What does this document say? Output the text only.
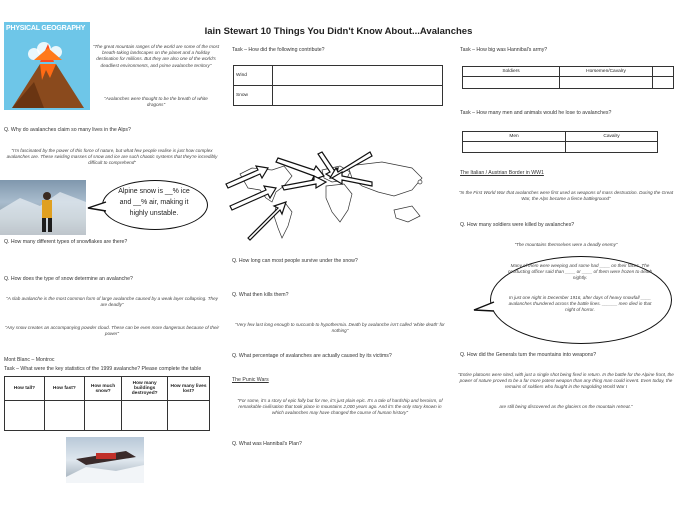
Iain Stewart 10 Things You Didn't Know About...Avalanches
PHYSICAL GEOGRAPHY
"The great mountain ranges of the world are some of the most breath-taking landscapes on the planet and a holiday destination for millions. But they are also one of the world's deadliest environments, and prime avalanche territory"
"Avalanches were thought to be the breath of white dragons"
Q. Why do avalanches claim so many lives in the Alps?
"I'm fascinated by the power of this force of nature, but what few people realise is just how complex avalanches are. These swirling masses of snow and ice are such chaotic systems that they're incredibly difficult to comprehend"
Alpine snow is __% ice and __% air, making it highly unstable.
Q. How many different types of snowflakes are there?
Q. How does the type of snow determine an avalanche?
"A slab avalanche is the most common form of large avalanche caused by a weak layer collapsing. They are deadly"
"Any snow creates an accompanying powder cloud. These can be even more dangerous because of their power"
Mont Blanc – Montroc
Task – What were the key statistics of the 1999 avalanche? Please complete the table
How tall?	How fast?	How much snow?	How many buildings destroyed?	How many lives lost?

Task – How did the following contribute?
Wind	
Snow	
Q. How long can most people survive under the snow?
Q. What then kills them?
"Very few last long enough to succumb to hypothermia. Death by avalanche isn't called 'white death' for nothing"
Q. What percentage of avalanches are actually caused by its victims?
The Punic Wars
"For some, it's a story of epic folly but for me, it's just plain epic. It's a tale of hardship and heroism, of remarkable civilisation that took place in mountains 2,000 years ago. And it's the only story known in which avalanches may have changed the course of human history"
Q. What was Hannibal's Plan?
Task – How big was Hannibal's army?
Soldiers	Horsemen/Cavalry	

Task – How many men and animals would he lose to avalanches?
Men	Cavalry

The Italian / Austrian Border in WW1
"In the First World War that avalanches were first used as weapons of mass destruction. During the Great War, the Alps became a fierce battleground"
Q. How many soldiers were killed by avalanches?
"The mountains themselves were a deadly enemy"
Many of them were weeping and some had ____ on their faces. The conducting officer said than ____ or ____ of them were frozen to death nightly.
In just one night in December 1916, after days of heavy snowfall ____ avalanches thundered across the battle lines. ______ men died in that night of horror.
Q. How did the Generals turn the mountains into weapons?
"Entire platoons were sited, with just a single shot being fired in return. In the battle for the Alpine front, the power of nature proved to be a far more potent weapon than any thing man could invent. Even today, the remains of soldiers who fought in the Nagolding World War I
are still being discovered as the glaciers on the mountain retreat."
